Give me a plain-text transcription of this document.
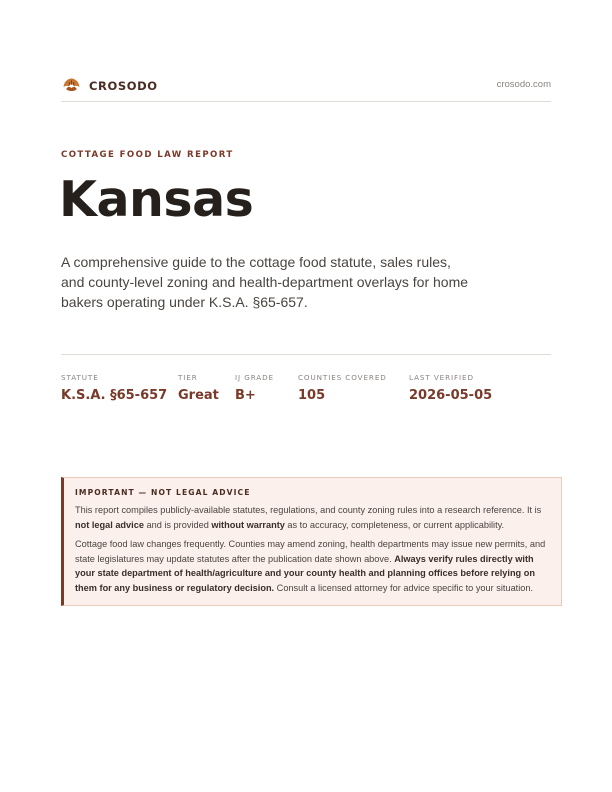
CROSODO	crosodo.com
COTTAGE FOOD LAW REPORT
Kansas
A comprehensive guide to the cottage food statute, sales rules, and county-level zoning and health-department overlays for home bakers operating under K.S.A. §65-657.
STATUTE
K.S.A. §65-657
TIER
Great
IJ GRADE
B+
COUNTIES COVERED
105
LAST VERIFIED
2026-05-05
IMPORTANT — NOT LEGAL ADVICE

This report compiles publicly-available statutes, regulations, and county zoning rules into a research reference. It is not legal advice and is provided without warranty as to accuracy, completeness, or current applicability.

Cottage food law changes frequently. Counties may amend zoning, health departments may issue new permits, and state legislatures may update statutes after the publication date shown above. Always verify rules directly with your state department of health/agriculture and your county health and planning offices before relying on them for any business or regulatory decision. Consult a licensed attorney for advice specific to your situation.
